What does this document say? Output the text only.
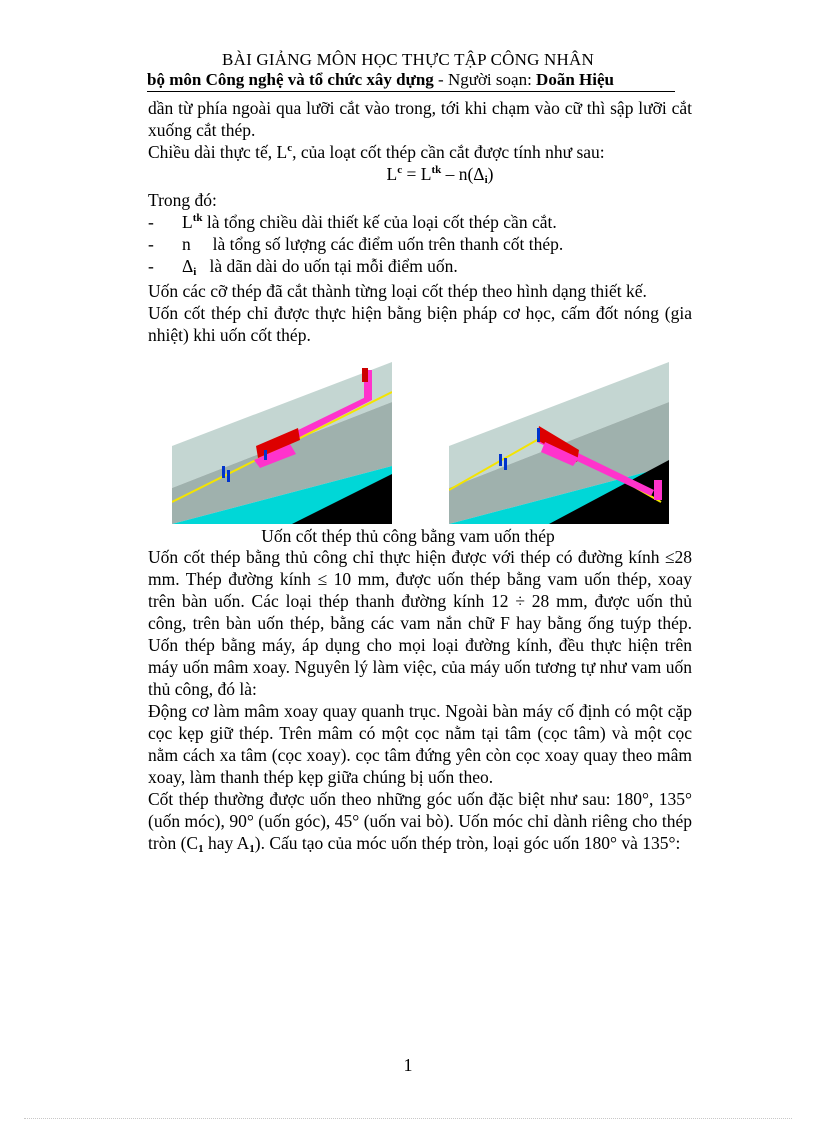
BÀI GIẢNG MÔN HỌC THỰC TẬP CÔNG NHÂN
bộ môn Công nghệ và tổ chức xây dựng - Người soạn: Doãn Hiệu

dần từ phía ngoài qua lưỡi cắt vào trong, tới khi chạm vào cữ thì sập lưỡi cắt xuống cắt thép.

Chiều dài thực tế, $L^c$, của loạt cốt thép cần cắt được tính như sau:

$L^c = L^{tk} - n(\Delta_i)$

Trong đó:

-	$L^{tk}$ là tổng chiều dài thiết kế của loại cốt thép cần cắt.

-	n     là tổng số lượng các điểm uốn trên thanh cốt thép.

-	$\Delta_i$   là dãn dài do uốn tại mỗi điểm uốn.

Uốn các cỡ thép đã cắt thành từng loại cốt thép theo hình dạng thiết kế.

Uốn cốt thép chỉ được thực hiện bằng biện pháp cơ học, cấm đốt nóng (gia nhiệt) khi uốn cốt thép.

Uốn cốt thép thủ công bằng vam uốn thép

Uốn cốt thép bằng thủ công chỉ thực hiện được với thép có đường kính ≤28 mm. Thép đường kính ≤ 10 mm, được uốn thép bằng vam uốn thép, xoay trên bàn uốn. Các loại thép thanh đường kính 12 ÷ 28 mm, được uốn thủ công, trên bàn uốn thép, bằng các vam nắn chữ F hay bằng ống tuýp thép. Uốn thép bằng máy, áp dụng cho mọi loại đường kính, đều thực hiện trên máy uốn mâm xoay. Nguyên lý làm việc, của máy uốn tương tự như vam uốn thủ công, đó là:

Động cơ làm mâm xoay quay quanh trục. Ngoài bàn máy cố định có một cặp cọc kẹp giữ thép. Trên mâm có một cọc nằm tại tâm (cọc tâm) và một cọc nằm cách xa tâm (cọc xoay). cọc tâm đứng yên còn cọc xoay quay theo mâm xoay, làm thanh thép kẹp giữa chúng bị uốn theo.

Cốt thép thường được uốn theo những góc uốn đặc biệt như sau: 180°, 135° (uốn móc), 90° (uốn góc), 45° (uốn vai bò). Uốn móc chỉ dành riêng cho thép tròn ($C_1$ hay $A_1$). Cấu tạo của móc uốn thép tròn, loại góc uốn 180° và 135°:

1
